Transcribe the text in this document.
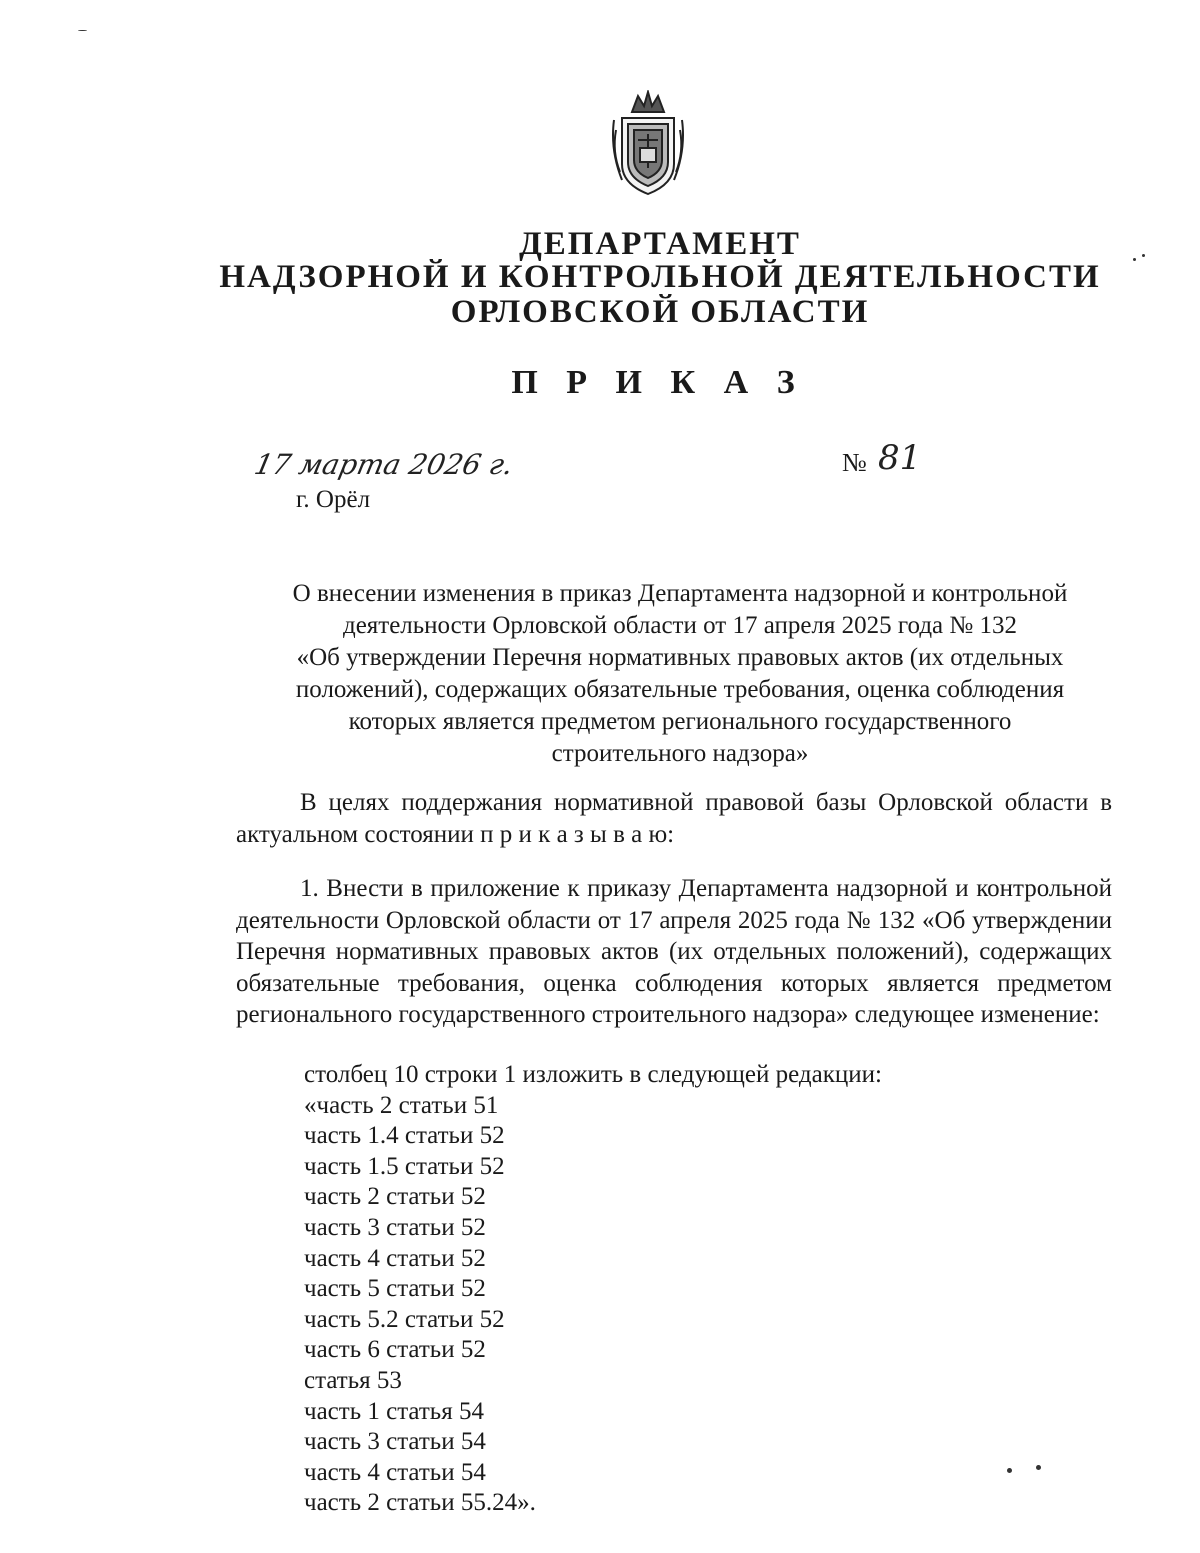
ДЕПАРТАМЕНТ
НАДЗОРНОЙ И КОНТРОЛЬНОЙ ДЕЯТЕЛЬНОСТИ
ОРЛОВСКОЙ ОБЛАСТИ
П Р И К А З
17 марта 2026 г.	№ 81
г. Орёл
О внесении изменения в приказ Департамента надзорной и контрольной
деятельности Орловской области от 17 апреля 2025 года № 132
«Об утверждении Перечня нормативных правовых актов (их отдельных
положений), содержащих обязательные требования, оценка соблюдения
которых является предметом регионального государственного
строительного надзора»
В целях поддержания нормативной правовой базы Орловской области в актуальном состоянии п р и к а з ы в а ю:
1. Внести в приложение к приказу Департамента надзорной и контрольной деятельности Орловской области от 17 апреля 2025 года № 132 «Об утверждении Перечня нормативных правовых актов (их отдельных положений), содержащих обязательные требования, оценка соблюдения которых является предметом регионального государственного строительного надзора» следующее изменение:
столбец 10 строки 1 изложить в следующей редакции:
«часть 2 статьи 51
часть 1.4 статьи 52
часть 1.5 статьи 52
часть 2 статьи 52
часть 3 статьи 52
часть 4 статьи 52
часть 5 статьи 52
часть 5.2 статьи 52
часть 6 статьи 52
статья 53
часть 1 статья 54
часть 3 статьи 54
часть 4 статьи 54
часть 2 статьи 55.24».
